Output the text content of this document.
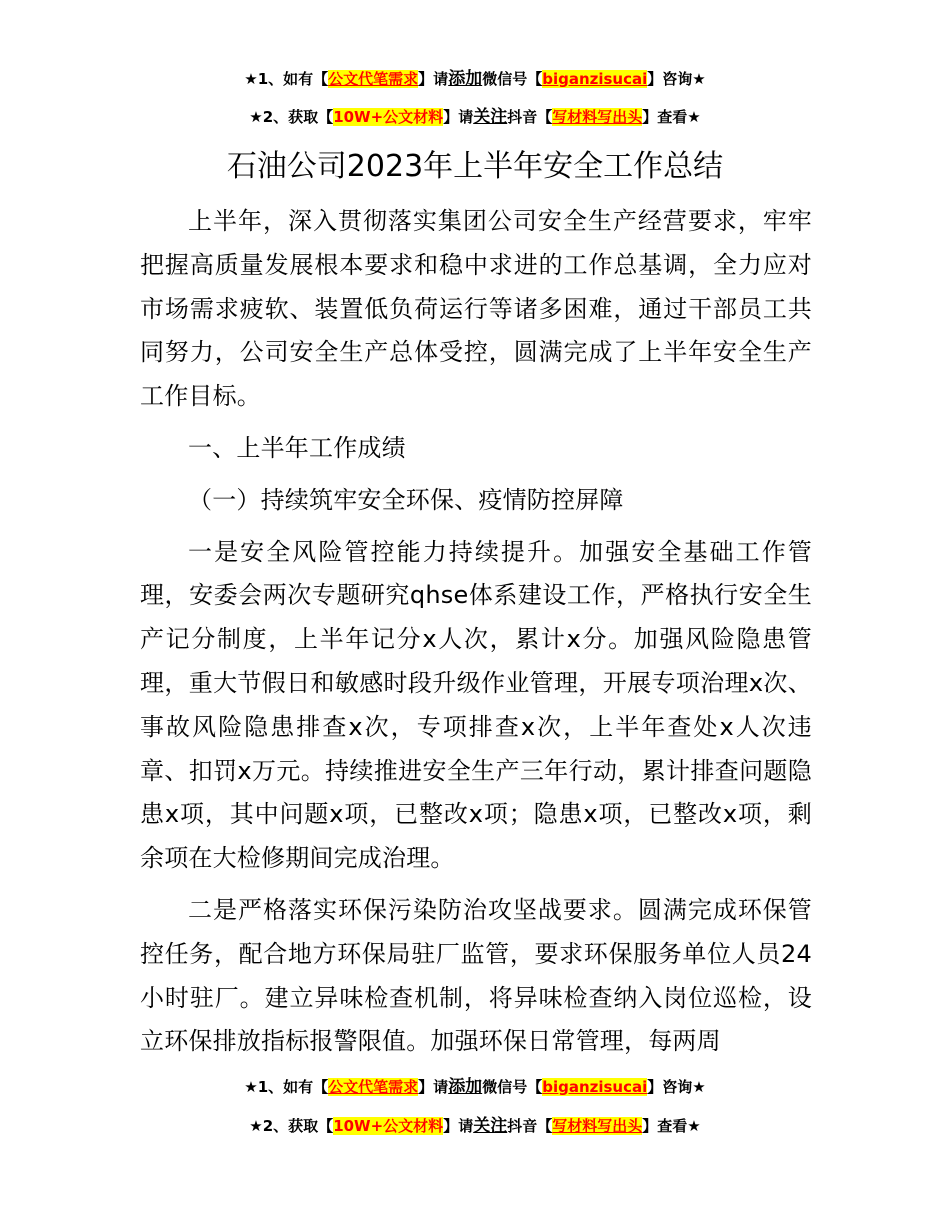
★1、如有【公文代笔需求】请添加微信号【biganzisucai】咨询★
★2、获取【10W+公文材料】请关注抖音【写材料写出头】查看★
石油公司2023年上半年安全工作总结

上半年，深入贯彻落实集团公司安全生产经营要求，牢牢把握高质量发展根本要求和稳中求进的工作总基调，全力应对市场需求疲软、装置低负荷运行等诸多困难，通过干部员工共同努力，公司安全生产总体受控，圆满完成了上半年安全生产工作目标。

一、上半年工作成绩

（一）持续筑牢安全环保、疫情防控屏障

一是安全风险管控能力持续提升。加强安全基础工作管理，安委会两次专题研究qhse体系建设工作，严格执行安全生产记分制度，上半年记分x人次，累计x分。加强风险隐患管理，重大节假日和敏感时段升级作业管理，开展专项治理x次、事故风险隐患排查x次，专项排查x次，上半年查处x人次违章、扣罚x万元。持续推进安全生产三年行动，累计排查问题隐患x项，其中问题x项，已整改x项；隐患x项，已整改x项，剩余项在大检修期间完成治理。

二是严格落实环保污染防治攻坚战要求。圆满完成环保管控任务，配合地方环保局驻厂监管，要求环保服务单位人员24小时驻厂。建立异味检查机制，将异味检查纳入岗位巡检，设立环保排放指标报警限值。加强环保日常管理，每两周

★1、如有【公文代笔需求】请添加微信号【biganzisucai】咨询★
★2、获取【10W+公文材料】请关注抖音【写材料写出头】查看★
